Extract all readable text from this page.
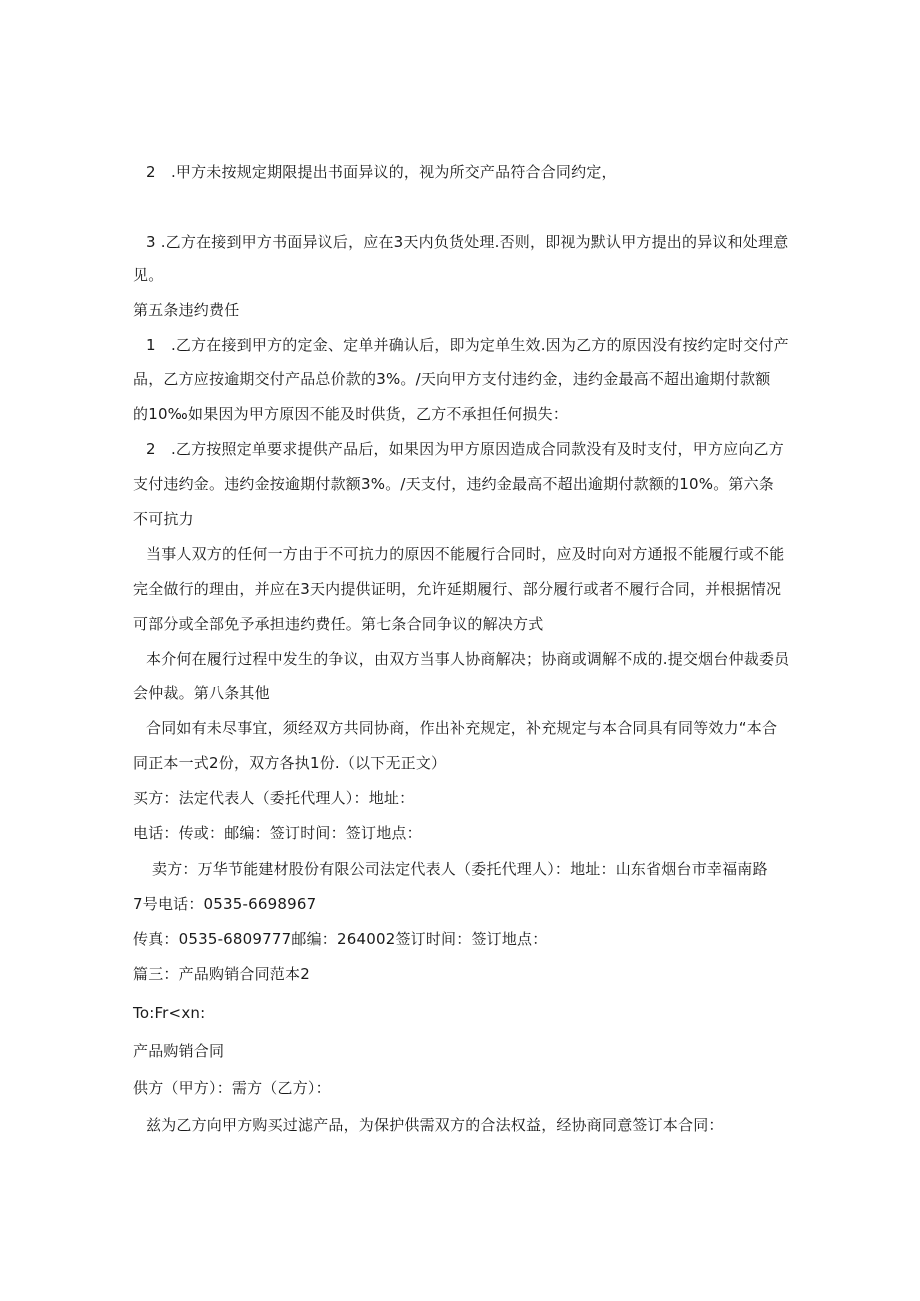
2　.甲方未按规定期限提出书面异议的，视为所交产品符合合同约定，
3 .乙方在接到甲方书面异议后，应在3天内负货处理.否则，即视为默认甲方提出的异议和处理意
见。
第五条违约费任
1　.乙方在接到甲方的定金、定单并确认后，即为定单生效.因为乙方的原因没有按约定时交付产
品，乙方应按逾期交付产品总价款的3%。/天向甲方支付违约金，违约金最高不超出逾期付款额
的10‰如果因为甲方原因不能及时供货，乙方不承担任何损失：
2　.乙方按照定单要求提供产品后，如果因为甲方原因造成合同款没有及时支付，甲方应向乙方
支付违约金。违约金按逾期付款额3%。/天支付，违约金最高不超出逾期付款额的10%。第六条
不可抗力
当事人双方的任何一方由于不可抗力的原因不能履行合同时，应及时向对方通报不能履行或不能
完全做行的理由，并应在3天内提供证明，允许延期履行、部分履行或者不履行合同，并根据情况
可部分或全部免予承担违约费任。第七条合同争议的解决方式
本介何在履行过程中发生的争议，由双方当事人协商解决；协商或调解不成的.提交烟台仲裁委员
会仲裁。第八条其他
合同如有未尽事宜，须经双方共同协商，作出补充规定，补充规定与本合同具有同等效力“本合
同正本一式2份，双方各执1份.（以下无正文）
买方：法定代表人（委托代理人）：地址：
电话：传或：邮编：签订时间：签订地点：
卖方：万华节能建材股份有限公司法定代表人（委托代理人）：地址：山东省烟台市幸福南路
7号电话：0535-6698967
传真：0535-6809777邮编：264002签订时间：签订地点：
篇三：产品购销合同范本2
To:Fr<xn:
产品购销合同
供方（甲方）：需方（乙方）：
兹为乙方向甲方购买过滤产品，为保护供需双方的合法权益，经协商同意签订本合同：
